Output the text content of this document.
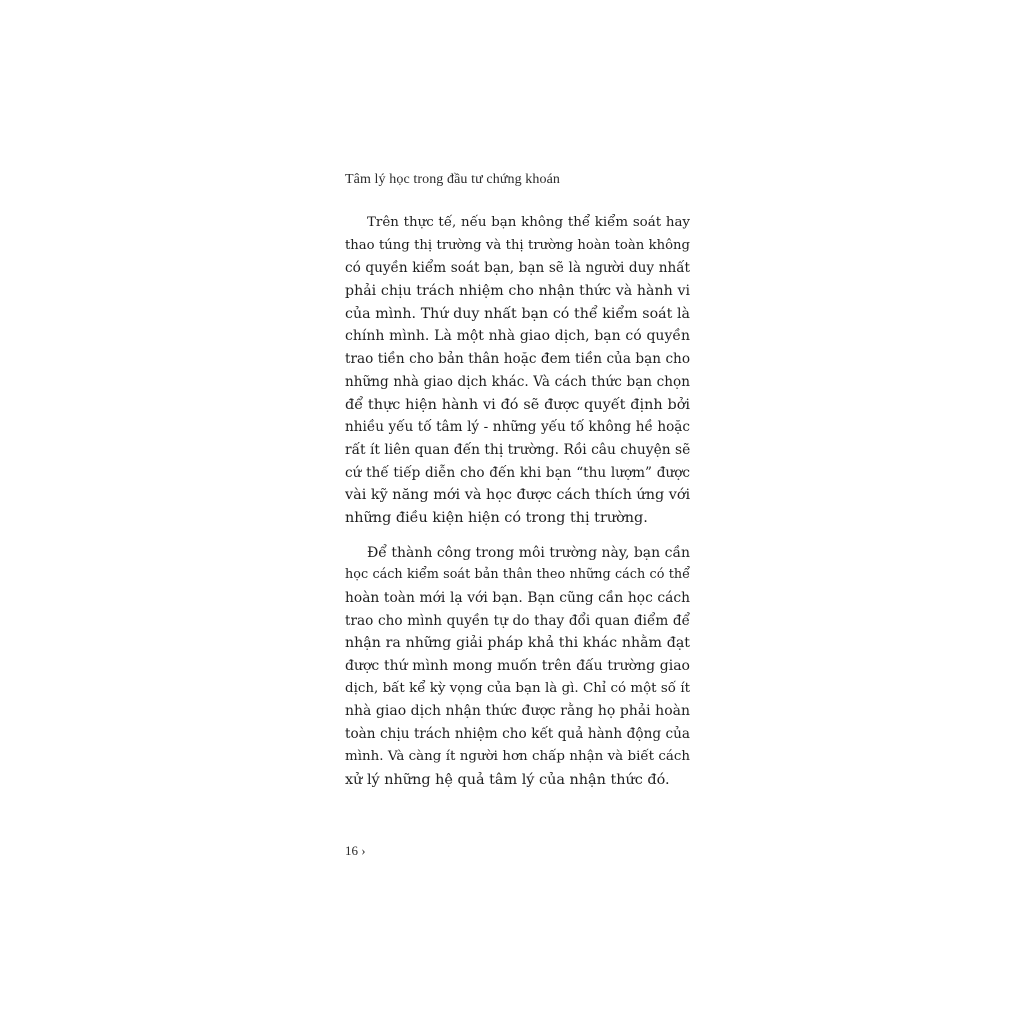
Tâm lý học trong đầu tư chứng khoán
Trên thực tế, nếu bạn không thể kiểm soát hay
thao túng thị trường và thị trường hoàn toàn không
có quyền kiểm soát bạn, bạn sẽ là người duy nhất
phải chịu trách nhiệm cho nhận thức và hành vi
của mình. Thứ duy nhất bạn có thể kiểm soát là
chính mình. Là một nhà giao dịch, bạn có quyền
trao tiền cho bản thân hoặc đem tiền của bạn cho
những nhà giao dịch khác. Và cách thức bạn chọn
để thực hiện hành vi đó sẽ được quyết định bởi
nhiều yếu tố tâm lý - những yếu tố không hề hoặc
rất ít liên quan đến thị trường. Rồi câu chuyện sẽ
cứ thế tiếp diễn cho đến khi bạn “thu lượm” được
vài kỹ năng mới và học được cách thích ứng với
những điều kiện hiện có trong thị trường.
Để thành công trong môi trường này, bạn cần
học cách kiểm soát bản thân theo những cách có thể
hoàn toàn mới lạ với bạn. Bạn cũng cần học cách
trao cho mình quyền tự do thay đổi quan điểm để
nhận ra những giải pháp khả thi khác nhằm đạt
được thứ mình mong muốn trên đấu trường giao
dịch, bất kể kỳ vọng của bạn là gì. Chỉ có một số ít
nhà giao dịch nhận thức được rằng họ phải hoàn
toàn chịu trách nhiệm cho kết quả hành động của
mình. Và càng ít người hơn chấp nhận và biết cách
xử lý những hệ quả tâm lý của nhận thức đó.
16 ›
